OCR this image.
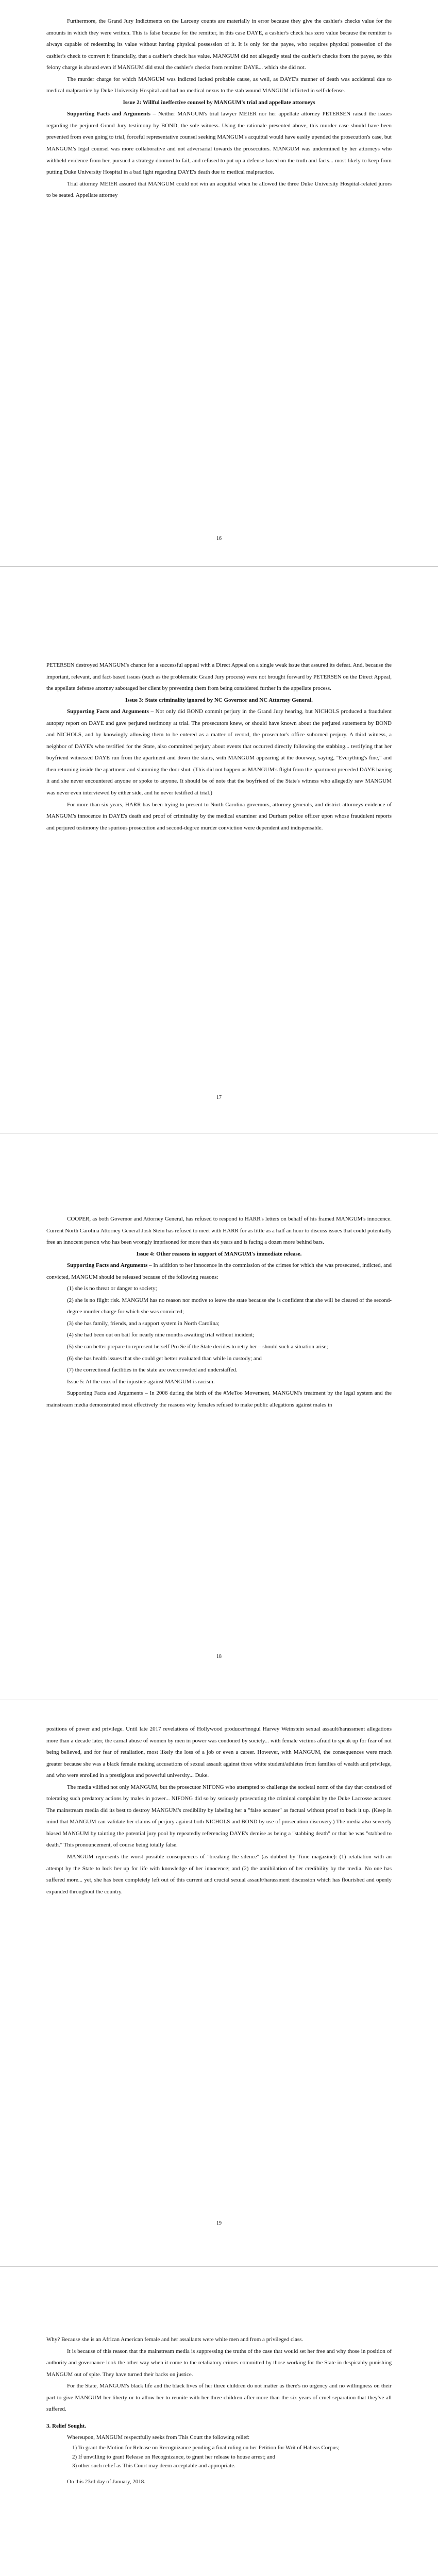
Furthermore, the Grand Jury Indictments on the Larceny counts are materially in error because they give the cashier's checks value for the amounts in which they were written. This is false because for the remitter, in this case DAYE, a cashier's check has zero value because the remitter is always capable of redeeming its value without having physical possession of it. It is only for the payee, who requires physical possession of the cashier's check to convert it financially, that a cashier's check has value. MANGUM did not allegedly steal the cashier's checks from the payee, so this felony charge is absurd even if MANGUM did steal the cashier's checks from remitter DAYE... which she did not.

The murder charge for which MANGUM was indicted lacked probable cause, as well, as DAYE's manner of death was accidental due to medical malpractice by Duke University Hospital and had no medical nexus to the stab wound MANGUM inflicted in self-defense.

Issue 2: Willful ineffective counsel by MANGUM's trial and appellate attorneys

Supporting Facts and Arguments – Neither MANGUM's trial lawyer MEIER nor her appellate attorney PETERSEN raised the issues regarding the perjured Grand Jury testimony by BOND, the sole witness. Using the rationale presented above, this murder case should have been prevented from even going to trial, forceful representative counsel seeking MANGUM's acquittal would have easily upended the prosecution's case, but MANGUM's legal counsel was more collaborative and not adversarial towards the prosecutors. MANGUM was undermined by her attorneys who withheld evidence from her, pursued a strategy doomed to fail, and refused to put up a defense based on the truth and facts... most likely to keep from putting Duke University Hospital in a bad light regarding DAYE's death due to medical malpractice.

Trial attorney MEIER assured that MANGUM could not win an acquittal when he allowed the three Duke University Hospital-related jurors to be seated. Appellate attorney

16

PETERSEN destroyed MANGUM's chance for a successful appeal with a Direct Appeal on a single weak issue that assured its defeat. And, because the important, relevant, and fact-based issues (such as the problematic Grand Jury process) were not brought forward by PETERSEN on the Direct Appeal, the appellate defense attorney sabotaged her client by preventing them from being considered further in the appellate process.

Issue 3: State criminality ignored by NC Governor and NC Attorney General.

Supporting Facts and Arguments – Not only did BOND commit perjury in the Grand Jury hearing, but NICHOLS produced a fraudulent autopsy report on DAYE and gave perjured testimony at trial. The prosecutors knew, or should have known about the perjured statements by BOND and NICHOLS, and by knowingly allowing them to be entered as a matter of record, the prosecutor's office suborned perjury. A third witness, a neighbor of DAYE's who testified for the State, also committed perjury about events that occurred directly following the stabbing... testifying that her boyfriend witnessed DAYE run from the apartment and down the stairs, with MANGUM appearing at the doorway, saying, "Everything's fine," and then returning inside the apartment and slamming the door shut. (This did not happen as MANGUM's flight from the apartment preceded DAYE having it and she never encountered anyone or spoke to anyone. It should be of note that the boyfriend of the State's witness who allegedly saw MANGUM was never even interviewed by either side, and he never testified at trial.)

For more than six years, HARR has been trying to present to North Carolina governors, attorney generals, and district attorneys evidence of MANGUM's innocence in DAYE's death and proof of criminality by the medical examiner and Durham police officer upon whose fraudulent reports and perjured testimony the spurious prosecution and second-degree murder conviction were dependent and indispensable.

17

COOPER, as both Governor and Attorney General, has refused to respond to HARR's letters on behalf of his framed MANGUM's innocence. Current North Carolina Attorney General Josh Stein has refused to meet with HARR for as little as a half an hour to discuss issues that could potentially free an innocent person who has been wrongly imprisoned for more than six years and is facing a dozen more behind bars.

Issue 4: Other reasons in support of MANGUM's immediate release.

Supporting Facts and Arguments – In addition to her innocence in the commission of the crimes for which she was prosecuted, indicted, and convicted, MANGUM should be released because of the following reasons:

(1) she is no threat or danger to society;

(2) she is no flight risk. MANGUM has no reason nor motive to leave the state because she is confident that she will be cleared of the second-degree murder charge for which she was convicted;

(3) she has family, friends, and a support system in North Carolina;

(4) she had been out on bail for nearly nine months awaiting trial without incident;

(5) she can better prepare to represent herself Pro Se if the State decides to retry her – should such a situation arise;

(6) she has health issues that she could get better evaluated than while in custody; and

(7) the correctional facilities in the state are overcrowded and understaffed.

Issue 5: At the crux of the injustice against MANGUM is racism.

Supporting Facts and Arguments – In 2006 during the birth of the #MeToo Movement, MANGUM's treatment by the legal system and the mainstream media demonstrated most effectively the reasons why females refused to make public allegations against males in

18

positions of power and privilege. Until late 2017 revelations of Hollywood producer/mogul Harvey Weinstein sexual assault/harassment allegations more than a decade later, the carnal abuse of women by men in power was condoned by society... with female victims afraid to speak up for fear of not being believed, and for fear of retaliation, most likely the loss of a job or even a career. However, with MANGUM, the consequences were much greater because she was a black female making accusations of sexual assault against three white student/athletes from families of wealth and privilege, and who were enrolled in a prestigious and powerful university... Duke.

The media vilified not only MANGUM, but the prosecutor NIFONG who attempted to challenge the societal norm of the day that consisted of tolerating such predatory actions by males in power... NIFONG did so by seriously prosecuting the criminal complaint by the Duke Lacrosse accuser. The mainstream media did its best to destroy MANGUM's credibility by labeling her a "false accuser" as factual without proof to back it up. (Keep in mind that MANGUM can validate her claims of perjury against both NICHOLS and BOND by use of prosecution discovery.) The media also severely biased MANGUM by tainting the potential jury pool by repeatedly referencing DAYE's demise as being a "stabbing death" or that he was "stabbed to death." This pronouncement, of course being totally false.

MANGUM represents the worst possible consequences of "breaking the silence" (as dubbed by Time magazine): (1) retaliation with an attempt by the State to lock her up for life with knowledge of her innocence; and (2) the annihilation of her credibility by the media. No one has suffered more... yet, she has been completely left out of this current and crucial sexual assault/harassment discussion which has flourished and openly expanded throughout the country.

19

Why? Because she is an African American female and her assailants were white men and from a privileged class.

It is because of this reason that the mainstream media is suppressing the truths of the case that would set her free and why those in position of authority and governance look the other way when it come to the retaliatory crimes committed by those working for the State in despicably punishing MANGUM out of spite. They have turned their backs on justice.

For the State, MANGUM's black life and the black lives of her three children do not matter as there's no urgency and no willingness on their part to give MANGUM her liberty or to allow her to reunite with her three children after more than the six years of cruel separation that they've all suffered.

3. Relief Sought.

Whereupon, MANGUM respectfully seeks from This Court the following relief:

1) To grant the Motion for Release on Recognizance pending a final ruling on her Petition for Writ of Habeas Corpus;

2) If unwilling to grant Release on Recognizance, to grant her release to house arrest; and

3) other such relief as This Court may deem acceptable and appropriate.

On this 23rd day of January, 2018.
